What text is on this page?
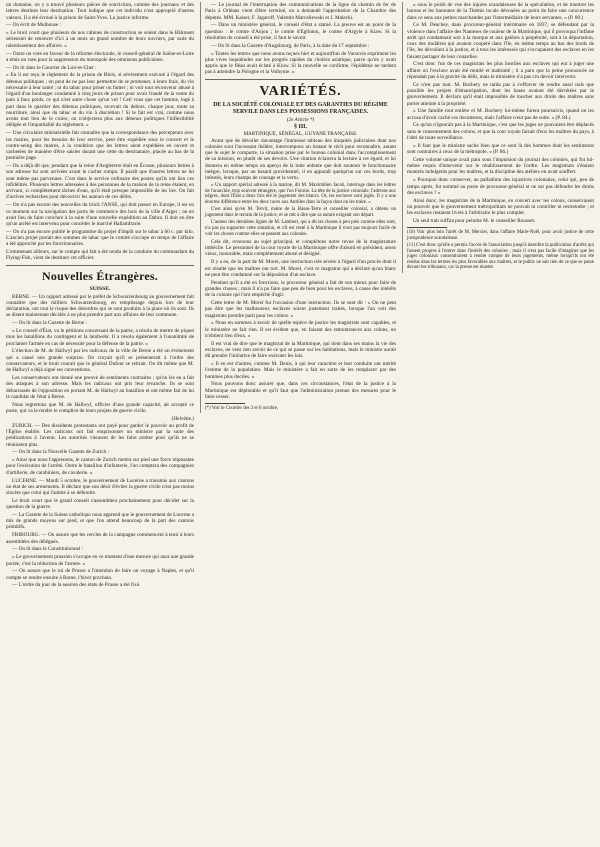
un domaine, on y a trouvé plusieurs pièces de conviction, comme des journaux et des lettres destinés leur destination. Tout indique que cet individu n'est approprié d'autres valeurs. Il a été écroué à la prison de Saint-Yves. La justice informe.

— On écrit de Mulhouse :

« Le bruit court que plusieurs de nos cabines de construction se soient dans le Bâtiment sérieusiel de renoncer d'ici à un mois un grand nombre de leurs ouvriers, par suite du ralentissement des affaires. »

— Outre un vote en faveur de la réforme électorale, le conseil-général de Saône-et-Loire a émis un vœu pour la suppression du monopole des omnisons publicaines.

— On lit dans le Courrier de Loir-et-Cher :

« En il est reçu le règlement de la prison de Blois, si sévèrement exécuté à l'égard des détenus politiques ; on peut de ne pas leur permettre de se promener, à leurs frais, du vin nécessaire à leur santé ; ni du tabac pour priser ou fumer ; ni voir tout réconvenir abusé à l'égard d'un boulanger condamné à cinq jours de prison pour avoir fraudé de la vente du pain à faux poids, ce qui n'est autre chose qu'un vol ! Ceil vous que cet homme, logé à part dans le quartier des détenus politiques, recevait du dehors, chaque jour, toute sa nourriture, ainsi que du tabac et du vin à discrétion ! Si le fait est vrai, comme nous avons tout lieu de le croire, on n'objectera plus aux détenus politiques l'inflexibilité obligée et l'impartialité du règlement. »

— Une circulaire ministérielle fait connaître que la correspondance des percepteurs avec les maires, pour les besoins de leur service, peut être expédiée sous le couvert et le contre-seing des maires, à la condition que les lettres aient expédiées en ouvert et cachetées de manière d'être saisies durant une cette du destinataire, placée au bas de la première page.

— On a déjà dit que, pendant que la reine d'Angleterre était en Écosse, plusieurs lettres à son adresse lui sont arrivées avant le cachet rompu. Il paraît que d'autres lettres ne lui sont même pas parvenues. C'est dans le service ordinaire des postes qu'ils ont lieu ces infidélités. Plusieurs lettres adressées à des personnes de la maison de la reine étaient, en arrivant, si complètement tâches d'eau, qu'il était presque impossible de les lire. On fait d'actives recherches pour découvrir les auteurs de ces délits.

— On n'a pas encore des nouvelles du brick l'ANSE, qui doit passer en Europe, il est en ce moment sur la navigation des ports de commerce des bois de la ville d'Alger ; on en avait lieu de faire conclure à la suite d'une nouvelle expédition au Dahra. Il doit en être qu'un arrêté est intervenu pour concéder le marché Hallamfrarie.

— On n'a pas encore publié le programme du projet d'impôt sur le tabac à 60 c. par kilo. L'ancien projet portait des sommes de tabac que le comité s'occupe en temps de l'affaire a été approché par les fonctionnaires.

L'emmenant ailleurs, sur le compte qui fait a été rendu de la conduite du commandant du Flying-Fish, vient de destituer cet officier.

Nouvelles Étrangères.
SUISSE.

BERNE. — Un rapport adressé par le préfet de Schwarzenbourg au gouvernement fait connaître que des milliers Schwarzenbourg, en remplissage depuis lors de leur déclaration, ont tout le risque des désordres qui se sont produits à la place où ils sont. Ils se disent maintenant décidés à ne plus prendre part aux affaires de leur commune.

— On lit dans la Gazette de Berne :

« Le conseil d'État, vu le pétitions concernant de la patrie, a résolu de mettre de piquet tous les bataillons du contingent et la landwehr. Il a résolu également à l'unanimité de proclamer l'armée en cas de nécessité pour la défense de la patrie. »

L'élection de M. de Hallwyl par les radicaux de la ville de Berne a été un événement qui a causé une grande surprise. On croyait qu'il se présenterait à l'ordre des conservateurs, et le bruit courait que le général Dufour se retirait. On dit même que M. de Hallwyl a déjà signé ses conventions.

Les conservateurs ont donné une preuve de sentiments contraires ; qu'on les en a fait des attaques à son adresse. Mais les radicaux ont pris leur revanche. Ils se sont débarrassés de l'opposition en portant M. de Hallwyl au bataillon et ont même fait de lui le candidat de l'état à Berne.

Nous regrettons que M. de Hallwyl, officier d'une grande capacité, ait accepté ce poste, qui va le rendre le complice de leurs projets de guerre civile.

(Helvétie.)

ZURICH. — Des dissidents protestants ont payé pour garder le pouvoir au profit de l'Église établie. Les radicaux ont fait emprisonner un ministre par la suite des prédications à l'avenir. Les autorités viennent de les faire arrêter pour qu'ils ne se réunissent plus.

— On lit dans la Nouvelle Gazette de Zurich :

« Ainsi que nous l'apprenons, le canton de Zurich mettra sur pied une force imposante pour l'exécution de l'arrêté. Outre le bataillon d'infanterie, l'on comptera des compagnies d'artillerie, de carabiniers, de cavalerie. »

LUCERNE. — Mardi 5 octobre, le gouvernement de Lucerne a transmis aux cantons un état de ses armements. Il déclare que son désir d'éviter la guerre civile n'est pas moins sincère que celui qui l'anime à se défendre.

Le bruit court que le grand conseil s'assemblera prochainement pour décider sur la question de la guerre.

— La Gazette de la Suisse catholique nous apprend que le gouvernement de Lucerne a mis de grands moyens sur pied, et que l'on attend beaucoup de la part des cantons primitifs.

FRIBOURG. — On assure que les cercles de la campagne commencent à tenir à leurs assemblées des délégués.

— On lit dans le Constitutionnel :

« Le gouvernement prussien s'occupe en ce moment d'une mesure qui aura une grande portée, c'est la réduction de l'armée. »

— On assure que le roi de Prusse a l'intention de faire un voyage à Naples, et qu'il compte se rendre ensuite à Rome, l'hiver prochain.

— L'ordre du jour de la session des états de Prusse a été fixé.

— Le journal de l'interruption des communications de la ligne du chemin de fer de Paris à Orléans vient d'être terminé, on a demandé l'approbation de la Chambre des députés. MM. Kaiser, F. Jagaroff, Valentin Marceliewski et J. Malecki.

— Dans un ministère général, le conseil d'état a statué. La preuve est au point de la question : le comte d'Anjou ; le comte d'Eglinton, le comte d'Argyle à Kiaw. Si la résolution du conseil a été prise, il faut le savoir.

— On lit dans la Gazette d'Augsbourg, de Paris, à la date du 17 septembre :

« Toutes les lettres que nous avons reçues hier et aujourd'hui de Varsovie expriment les plus vives inquiétudes sur les progrès rapides du choléra asiatique, parce qu'on y avait appris que le fléau avait éclaté à Kiow. Si la nouvelle se confirme, l'épidémie ne tardera pas à atteindre la Pologne et la Volhynie. »

VARIÉTÉS.
DE LA SOCIÉTÉ COLONIALE ET DES GARANTIES DU RÉGIME SERVILE DANS LES POSSESSIONS FRANÇAISES.
(2e Article *)
§ III.
MARTINIQUE, SÉNÉGAL, GUYANE FRANÇAISE.

Avant que de dévoiler davantage l'immense tableau des iniquités judiciaires dont nos colonies sont l'incessant théâtre, interrompons un instant le récit pour reconnaître, autant que le sujet le comporte, la situation prise par le bureau colonial dans l'accomplissement de sa mission, en plutôt de ses devoirs. Une citation éclairera la lecture à cet égard, et lui donnera en même temps un aperçu de la lutte ardente que doit soutenir le fonctionnaire intègre, lorsque, par un hasard providentiel, il en apparaît quelqu'un sur ces bords, trop infestés, leurs champs de courage et la vertu.

« Un rapport spécial adressé à la marine, dit M. Maximilien Jacob, interroge dans les lettres de l'anarchie, trop souvent étrangère, que l'on Fourne. La tête de la justice coloniale, l'adresse aux nègres, dont l'État a deux fois été le jugement des blancs. Or, les esclaves sont jugés. Il y a une énorme différence entre les deux races aux Antilles dans la façon dont on les traite. »

C'est ainsi qu'en M. Tervit, maire de la Basse-Terre et conseiller colonial, a obtenu un jugement dans le terrain de la justice, et se mit à dire que sa nature exigeait son départ.

L'auteur des dernières lignes de M. Lambert, qui a dit les choses à peu près comme elles sont, n'a pas pu supporter cette situation, et s'il est resté à la Martinique il n'est pas toujours facile de voir les choses comme elles se passent aux colonies.

Cela dit, revenons au sujet principal, et complétons notre revue de la magistrature imbécile. Le personnel de la cour royale de la Martinique offre d'abord en président, assez vieux, honorable, mais complètement abusé et désigné.

Il y a eu, de la part de M. Morel, une instruction très sévère à l'égard d'un procès dont il est résulté que les maîtres ont tort. M. Morel, c'est ce magistrat qui a déclaré qu'un blanc ne peut être condamné sur la déposition d'un esclave.

Pendant qu'il a été en fonctions, le procureur général a fait de son mieux pour faire de grandes choses ; mais il n'a pu faire que peu de bien pour les esclaves, à cause des intérêts de la colonie qui l'ont empêché d'agir.

Cette lettre de M. Morel fut l'occasion d'une instruction. Ils se sont dit : « On ne peut pas dire que les malheureux esclaves soient justement traités, lorsque l'on voit des magistrats prendre parti pour les colons. »

« Nous en sommes à savoir de quelle espèce de justice les magistrats sont capables, et le ministère ne fait rien. Il est évident que, en faisant des remontrances aux colons, on n'obtient rien d'eux. »

Il est vrai de dire que le magistrat de la Martinique, qui tient dans ses mains la vie des esclaves, ne veut rien savoir de ce qui se passe sur les habitations, mais le ministre aurait dû prendre l'initiative de faire exécuter les lois.

« Il en est d'autres, comme M. Denis, à qui leur caractère et leur conduite ont mérité l'estime de la population. Mais le ministère a fait en sorte de les remplacer par des hommes plus dociles. »

Nous pouvons donc assurer que, dans ces circonstances, l'état de la justice à la Martinique est déplorable et qu'il faut que l'administration prenne des mesures pour le faire cesser.

(*) Voir le Courrier des 3 et 6 octobre.

« sous le poids de vue des injures scandaleuses de la spéculation, et de montrer les barons et les baronnes de la Thémis locale dévouées au point de faire une concurrence dans ce sens aux petites marchandes par l'intermédiaire de leurs servantes. » (P. 80.)

Ce M. Deachey, dans procureur-général intérimaire en 1837, se défendant par la violence dans l'affaire des Nanteses de couleur de la Martinique, qui il provoqua l'infâme arrêt qui condamnait soit à la marque et aux galères à perpétuité, soit à la déportation, ceux des mulâtres qui avaient coopéré dans l'île, en même temps au bas des bords de l'île, les dévoilant à la justice, et à tous les intéressés qui s'occupaient des esclaves en les faisant partager de leur couardise.

C'est donc l'un de ces magistrats les plus hostiles aux esclaves qui eut à juger une affaire où l'esclave avait été mutilé et maltraité ; il a paru que la peine prononcée ne répondait pas à la gravité du délit, mais le ministère n'a pas cru devoir intervenir.

Ce n'est pas tout. M. Bochery ne tarda pas à s'efforcer de rendre aussi nuls que possible les projets d'émancipation, dont les bases avaient été décrétées par le gouvernement. Il déclara qu'il était impossible de toucher aux droits des maîtres sans porter atteinte à la propriété.

« Une famille tout entière et M. Bochery lui-même furent poursuivis, quand on les accusa d'avoir caché ces documents, mais l'affaire n'eut pas de suite. » (P. 84.)

Ce qu'on n'ignorait pas à la Martinique, c'est que les juges ne pouvaient être déplacés sans le consentement des colons, et que la cour royale faisait d'eux les maîtres du pays, à l'abri de toute surveillance.

« Il faut que le ministre sache bien que ce sont là des hommes dont les sentiments sont contraires à ceux de la métropole. » (P. 86.)

Cette volonté unique avait paru sous l'impulsion du journal des colonies, qui fut lui-même requis d'intervenir sur le rétablissement de l'ordre. Les magistrats s'étaient montrés indulgents pour les maîtres, et la discipline des ateliers en avait souffert.

« Pourquoi donc conserver, au palladium des injustices coloniales, celui qui, peu de temps après, fut nommé au poste de procureur-général et ne sut pas défendre les droits des esclaves ? »

Ainsi donc, les magistrats de la Martinique, en concert avec les colons, conservaient un pouvoir que le gouvernement métropolitain ne pouvait ni contrôler ni restreindre ; et les esclaves restaient livrés à l'arbitraire le plus complet.

Un seul trait suffira pour peindre M. le conseiller Rousset.

(10) Voir plus loin l'arrêt de M. Mercier, dans l'affaire Marie-Noël, pour avoir justice de cette jurisprudence scandaleuse.

(11) C'est donc qu'elle a permis l'accès de l'association jusqu'à interdire la publication d'arrêts qui fussent propres à l'entrer dans l'intérêt des colonies ; mais il n'est pas facile d'imaginer que les juges coloniaux consentiraient à rendre compte de leurs jugements, même lorsqu'ils ont été rendus dans les termes les plus favorables aux maîtres, et le public ne sait rien de ce que se passe devant les tribunaux, car la presse est muette.
